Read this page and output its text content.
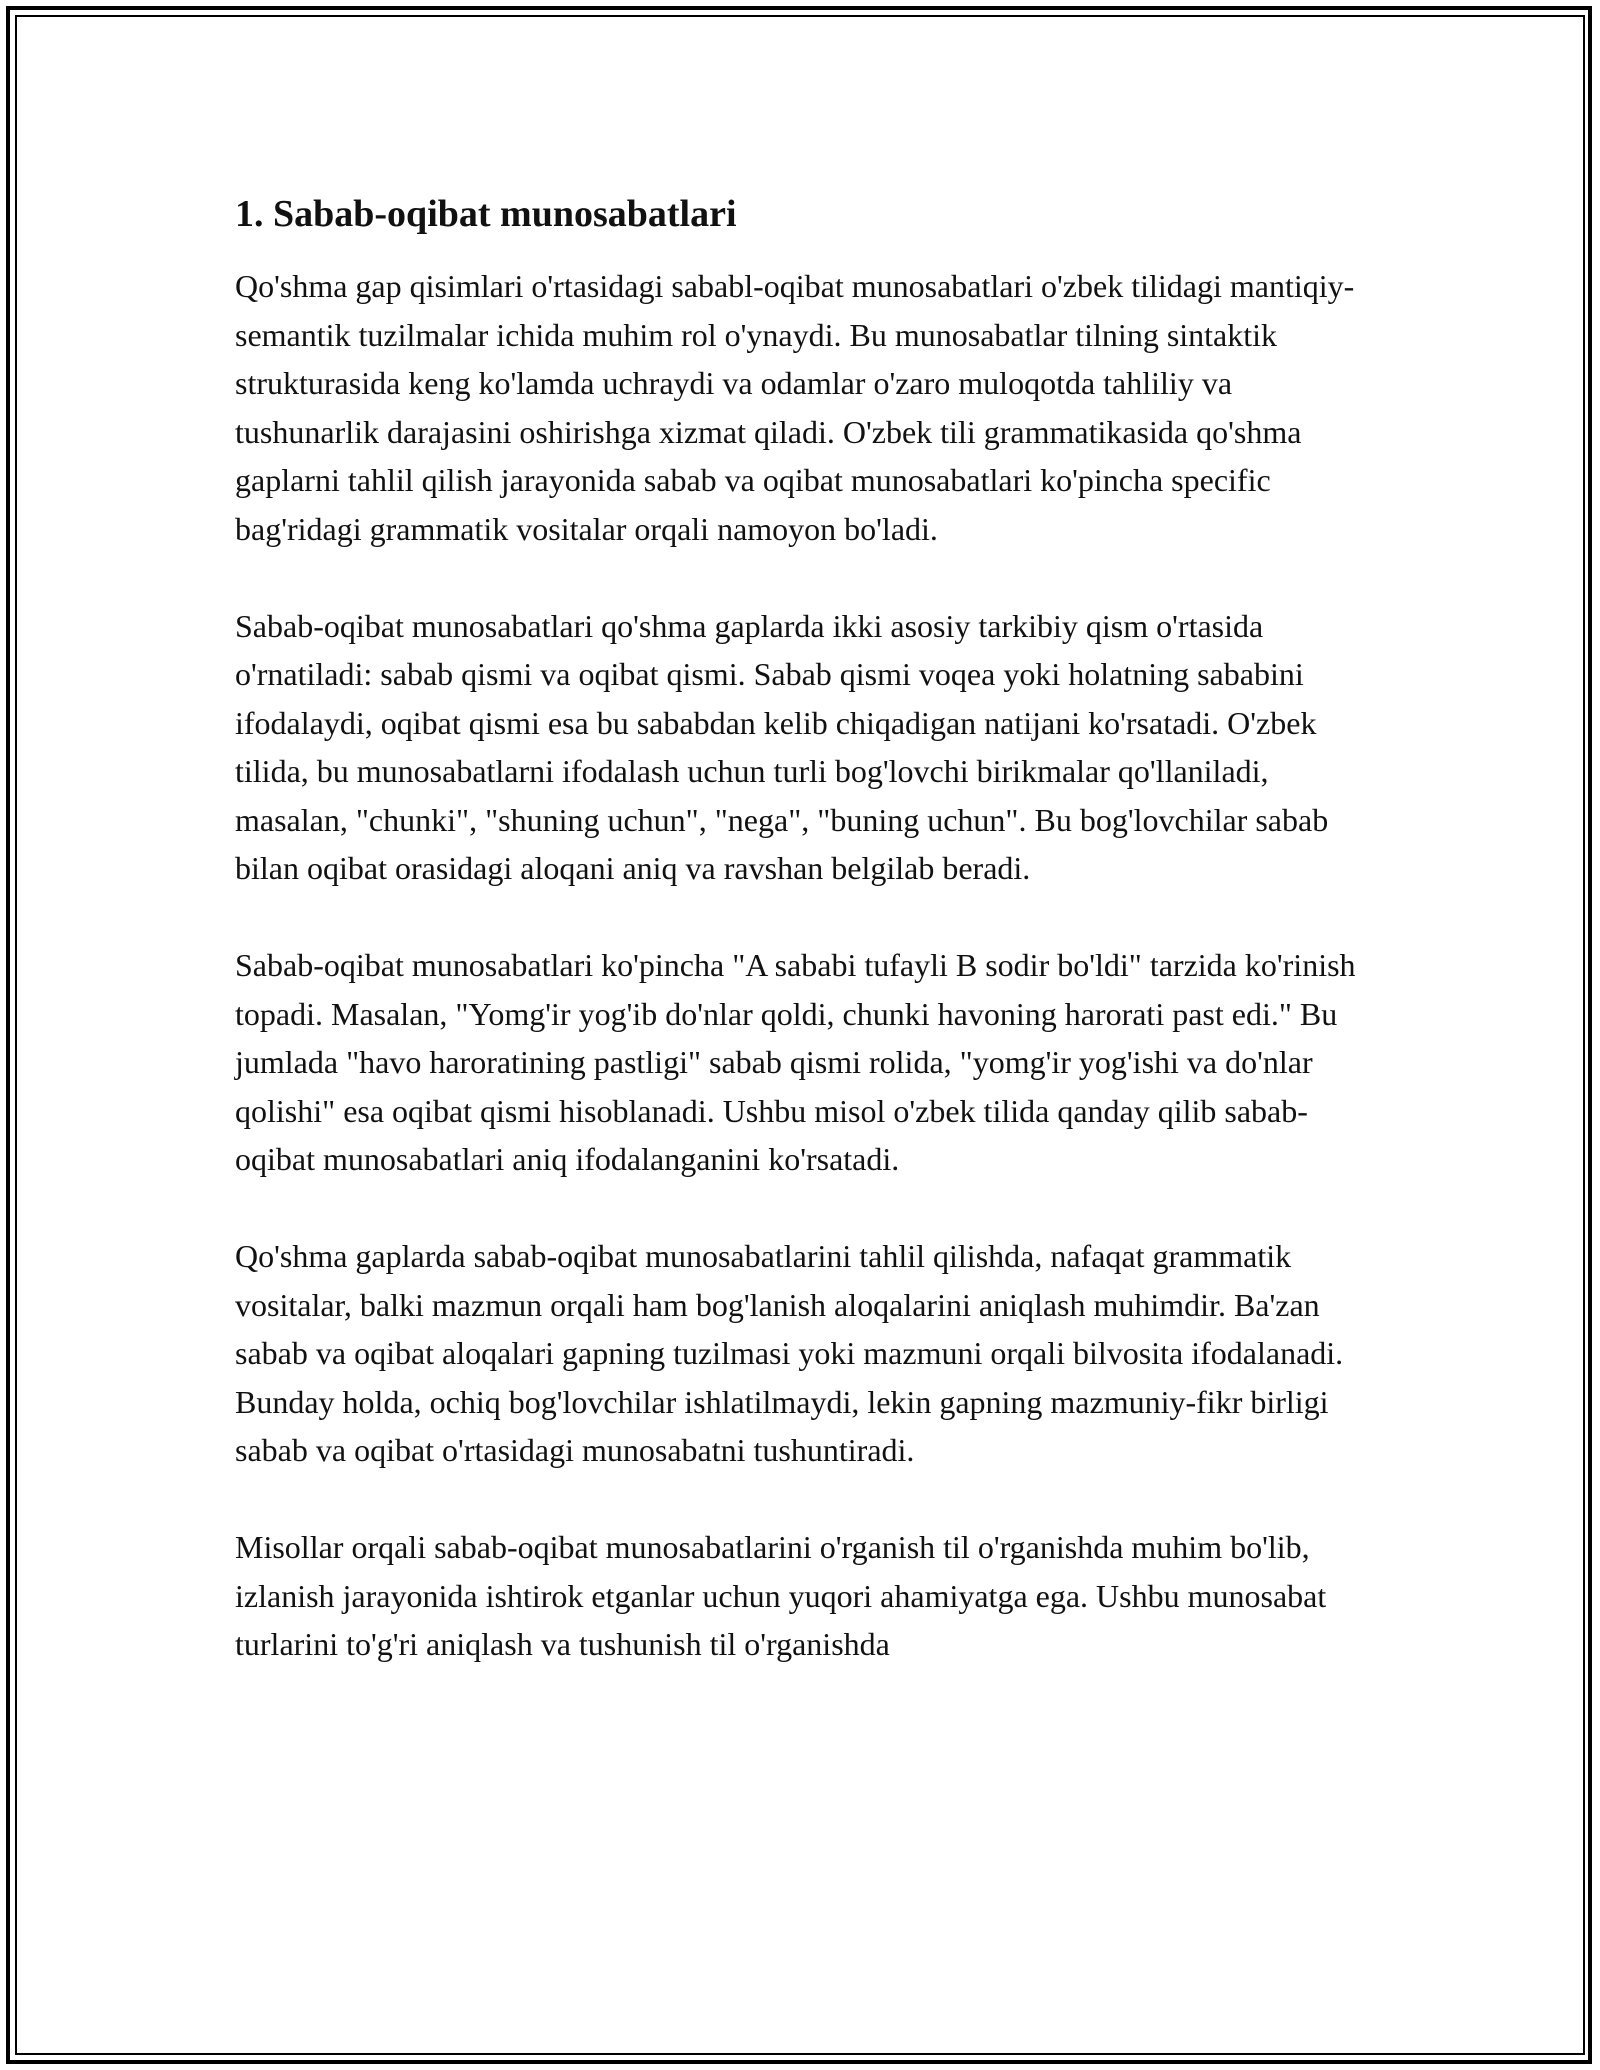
1. Sabab-oqibat munosabatlari

Qo'shma gap qisimlari o'rtasidagi sababl-oqibat munosabatlari o'zbek tilidagi mantiqiy-semantik tuzilmalar ichida muhim rol o'ynaydi. Bu munosabatlar tilning sintaktik strukturasida keng ko'lamda uchraydi va odamlar o'zaro muloqotda tahliliy va tushunarlik darajasini oshirishga xizmat qiladi. O'zbek tili grammatikasida qo'shma gaplarni tahlil qilish jarayonida sabab va oqibat munosabatlari ko'pincha specific bag'ridagi grammatik vositalar orqali namoyon bo'ladi.

Sabab-oqibat munosabatlari qo'shma gaplarda ikki asosiy tarkibiy qism o'rtasida o'rnatiladi: sabab qismi va oqibat qismi. Sabab qismi voqea yoki holatning sababini ifodalaydi, oqibat qismi esa bu sababdan kelib chiqadigan natijani ko'rsatadi. O'zbek tilida, bu munosabatlarni ifodalash uchun turli bog'lovchi birikmalar qo'llaniladi, masalan, "chunki", "shuning uchun", "nega", "buning uchun". Bu bog'lovchilar sabab bilan oqibat orasidagi aloqani aniq va ravshan belgilab beradi.

Sabab-oqibat munosabatlari ko'pincha "A sababi tufayli B sodir bo'ldi" tarzida ko'rinish topadi. Masalan, "Yomg'ir yog'ib do'nlar qoldi, chunki havoning harorati past edi." Bu jumlada "havo haroratining pastligi" sabab qismi rolida, "yomg'ir yog'ishi va do'nlar qolishi" esa oqibat qismi hisoblanadi. Ushbu misol o'zbek tilida qanday qilib sabab-oqibat munosabatlari aniq ifodalanganini ko'rsatadi.

Qo'shma gaplarda sabab-oqibat munosabatlarini tahlil qilishda, nafaqat grammatik vositalar, balki mazmun orqali ham bog'lanish aloqalarini aniqlash muhimdir. Ba'zan sabab va oqibat aloqalari gapning tuzilmasi yoki mazmuni orqali bilvosita ifodalanadi. Bunday holda, ochiq bog'lovchilar ishlatilmaydi, lekin gapning mazmuniy-fikr birligi sabab va oqibat o'rtasidagi munosabatni tushuntiradi.

Misollar orqali sabab-oqibat munosabatlarini o'rganish til o'rganishda muhim bo'lib, izlanish jarayonida ishtirok etganlar uchun yuqori ahamiyatga ega. Ushbu munosabat turlarini to'g'ri aniqlash va tushunish til o'rganishda
